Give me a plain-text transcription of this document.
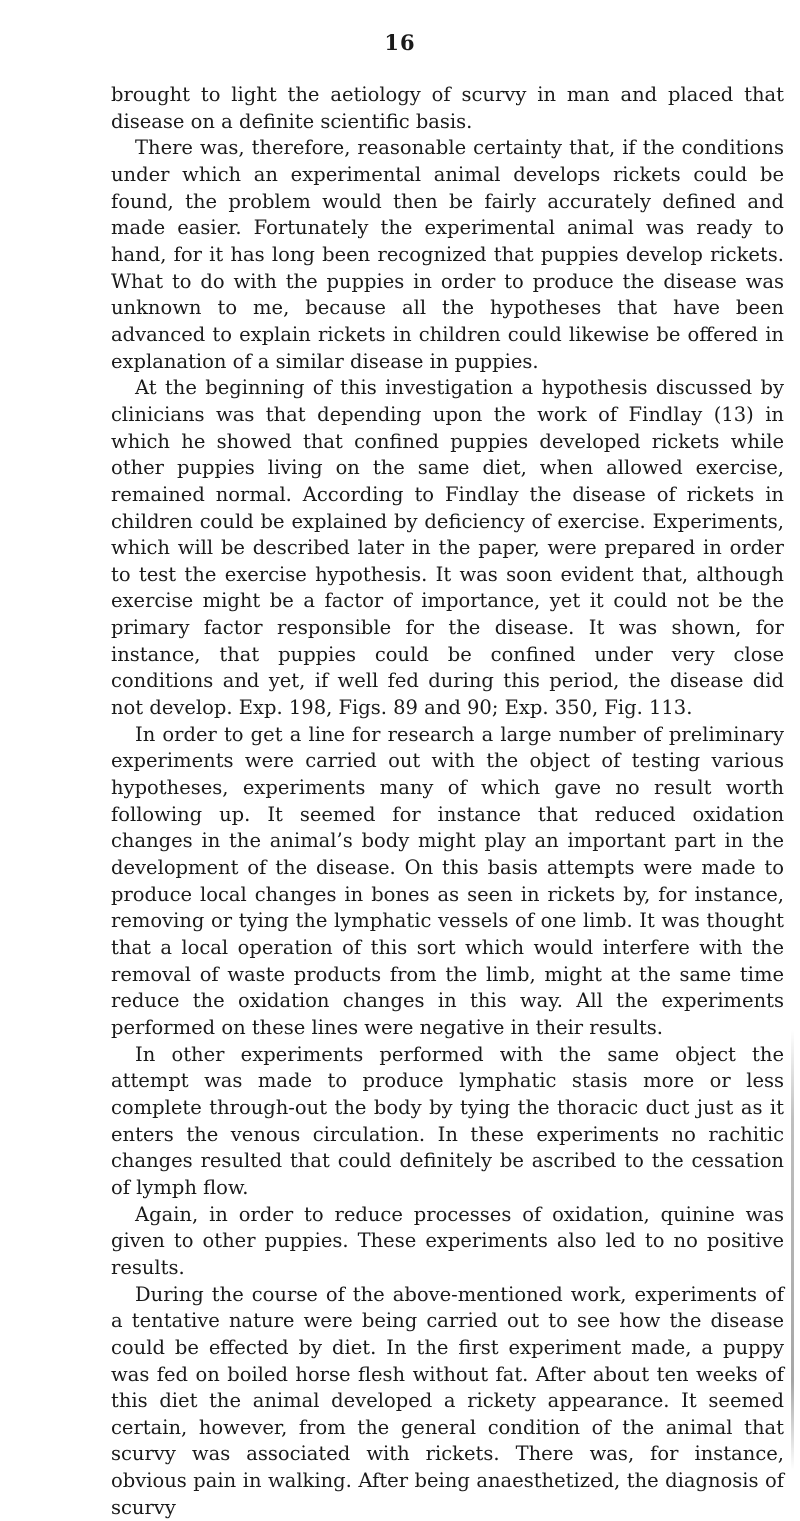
16

brought to light the aetiology of scurvy in man and placed that disease on a definite scientific basis.

There was, therefore, reasonable certainty that, if the conditions under which an experimental animal develops rickets could be found, the problem would then be fairly accurately defined and made easier. Fortunately the experimental animal was ready to hand, for it has long been recognized that puppies develop rickets. What to do with the puppies in order to produce the disease was unknown to me, because all the hypotheses that have been advanced to explain rickets in children could likewise be offered in explanation of a similar disease in puppies.

At the beginning of this investigation a hypothesis discussed by clinicians was that depending upon the work of Findlay (13) in which he showed that confined puppies developed rickets while other puppies living on the same diet, when allowed exercise, remained normal. According to Findlay the disease of rickets in children could be explained by deficiency of exercise. Experiments, which will be described later in the paper, were prepared in order to test the exercise hypothesis. It was soon evident that, although exercise might be a factor of importance, yet it could not be the primary factor responsible for the disease. It was shown, for instance, that puppies could be confined under very close conditions and yet, if well fed during this period, the disease did not develop. Exp. 198, Figs. 89 and 90; Exp. 350, Fig. 113.

In order to get a line for research a large number of preliminary experiments were carried out with the object of testing various hypotheses, experiments many of which gave no result worth following up. It seemed for instance that reduced oxidation changes in the animal’s body might play an important part in the development of the disease. On this basis attempts were made to produce local changes in bones as seen in rickets by, for instance, removing or tying the lymphatic vessels of one limb. It was thought that a local operation of this sort which would interfere with the removal of waste products from the limb, might at the same time reduce the oxidation changes in this way. All the experiments performed on these lines were negative in their results.

In other experiments performed with the same object the attempt was made to produce lymphatic stasis more or less complete through-out the body by tying the thoracic duct just as it enters the venous circulation. In these experiments no rachitic changes resulted that could definitely be ascribed to the cessation of lymph flow.

Again, in order to reduce processes of oxidation, quinine was given to other puppies. These experiments also led to no positive results.

During the course of the above-mentioned work, experiments of a tentative nature were being carried out to see how the disease could be effected by diet. In the first experiment made, a puppy was fed on boiled horse flesh without fat. After about ten weeks of this diet the animal developed a rickety appearance. It seemed certain, however, from the general condition of the animal that scurvy was associated with rickets. There was, for instance, obvious pain in walking. After being anaesthetized, the diagnosis of scurvy
